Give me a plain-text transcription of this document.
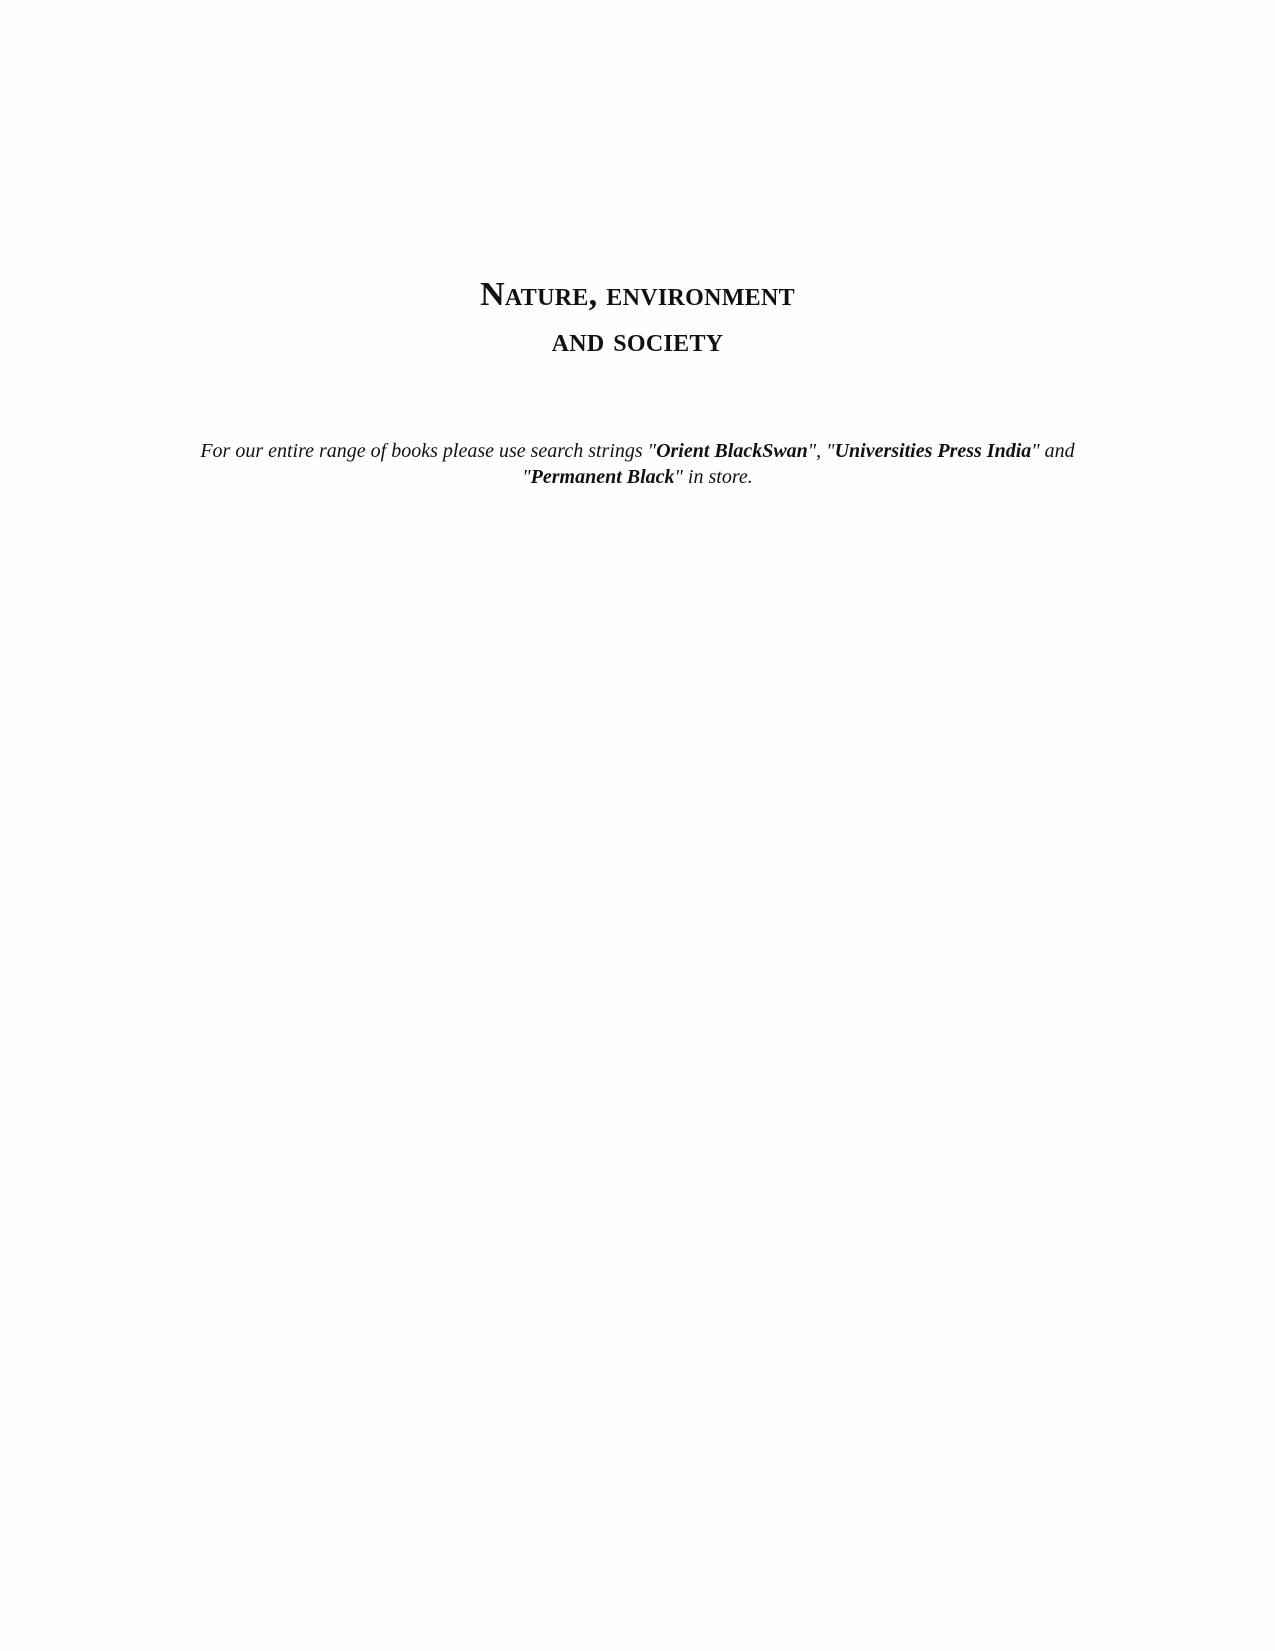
Nature, environment
and society
For our entire range of books please use search strings "Orient BlackSwan", "Universities Press India" and "Permanent Black" in store.
